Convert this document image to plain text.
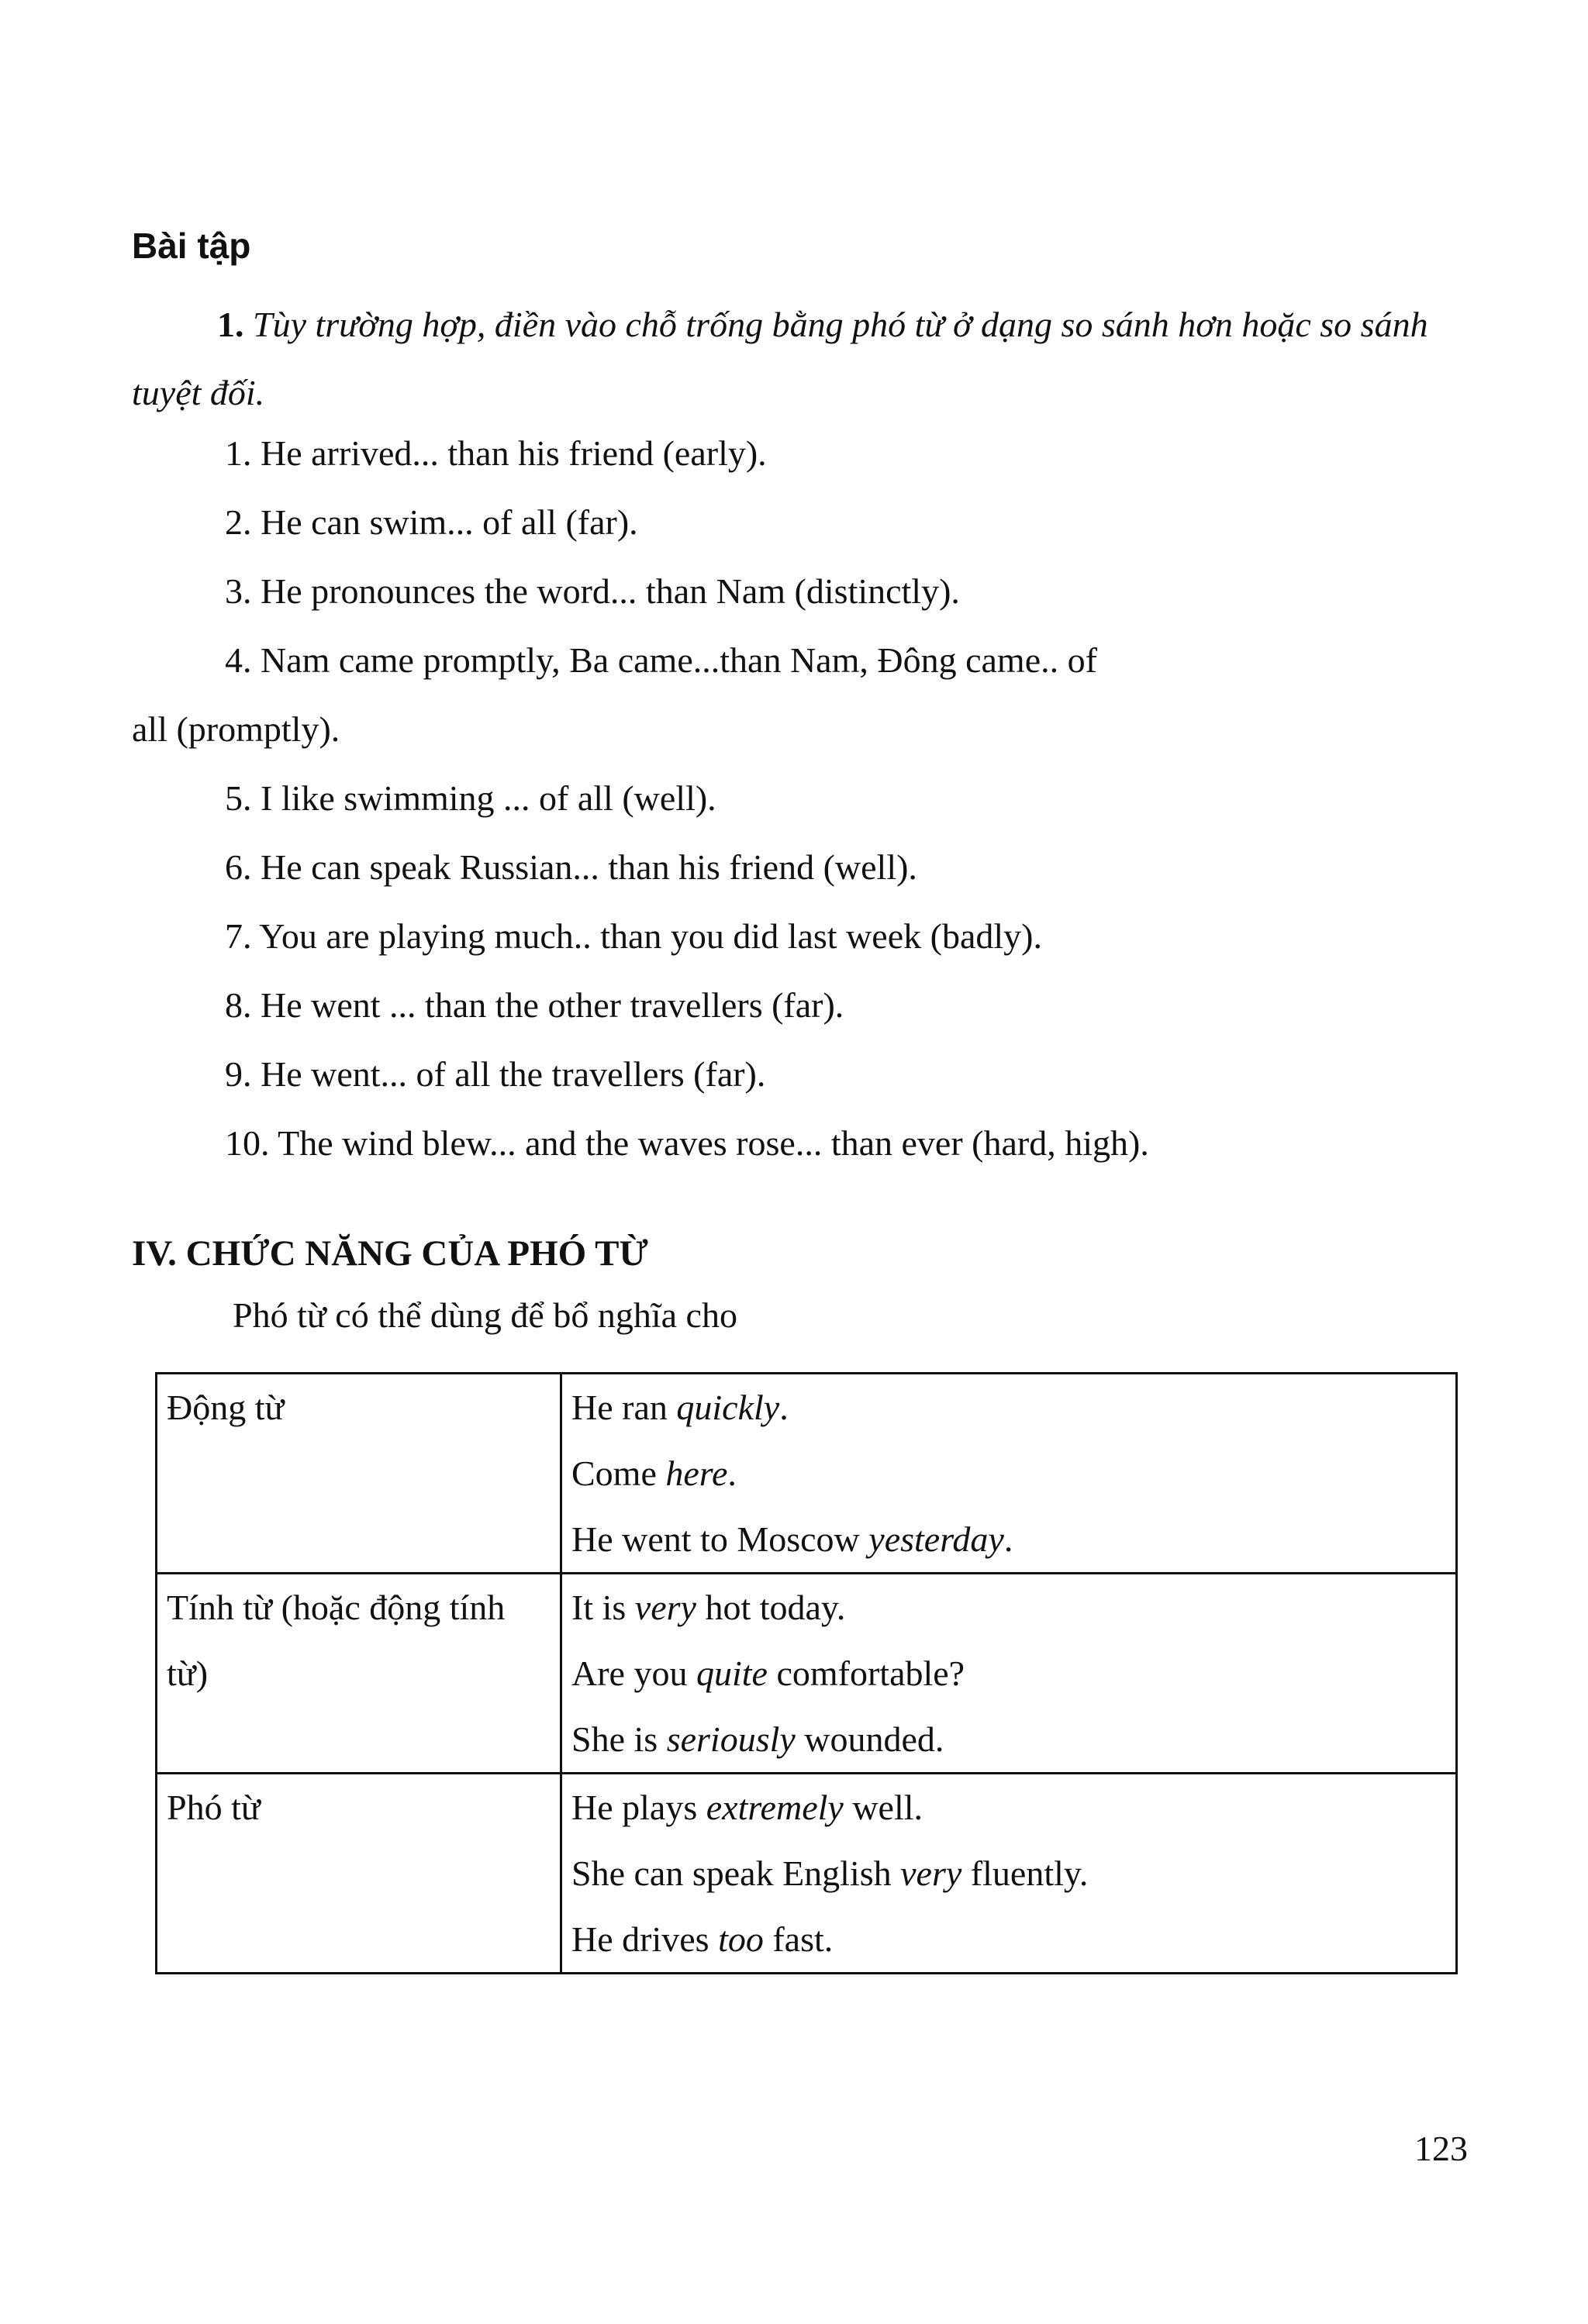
Bài tập
1. Tùy trường hợp, điền vào chỗ trống bằng phó từ ở dạng so sánh hơn hoặc so sánh tuyệt đối.
1. He arrived... than his friend (early).
2. He can swim... of all (far).
3. He pronounces the word... than Nam (distinctly).
4. Nam came promptly, Ba came...than Nam, Đông came.. of
all (promptly).
5. I like swimming ... of all (well).
6. He can speak Russian... than his friend (well).
7. You are playing much.. than you did last week (badly).
8. He went ... than the other travellers (far).
9. He went... of all the travellers (far).
10. The wind blew... and the waves rose... than ever (hard, high).
IV. CHỨC NĂNG CỦA PHÓ TỪ
Phó từ có thể dùng để bổ nghĩa cho
Động từ	He ran quickly.
Come here.
He went to Moscow yesterday.

Tính từ (hoặc động tính từ)	It is very hot today.
Are you quite comfortable?
She is seriously wounded.

Phó từ	He plays extremely well.
She can speak English very fluently.
He drives too fast.
123
